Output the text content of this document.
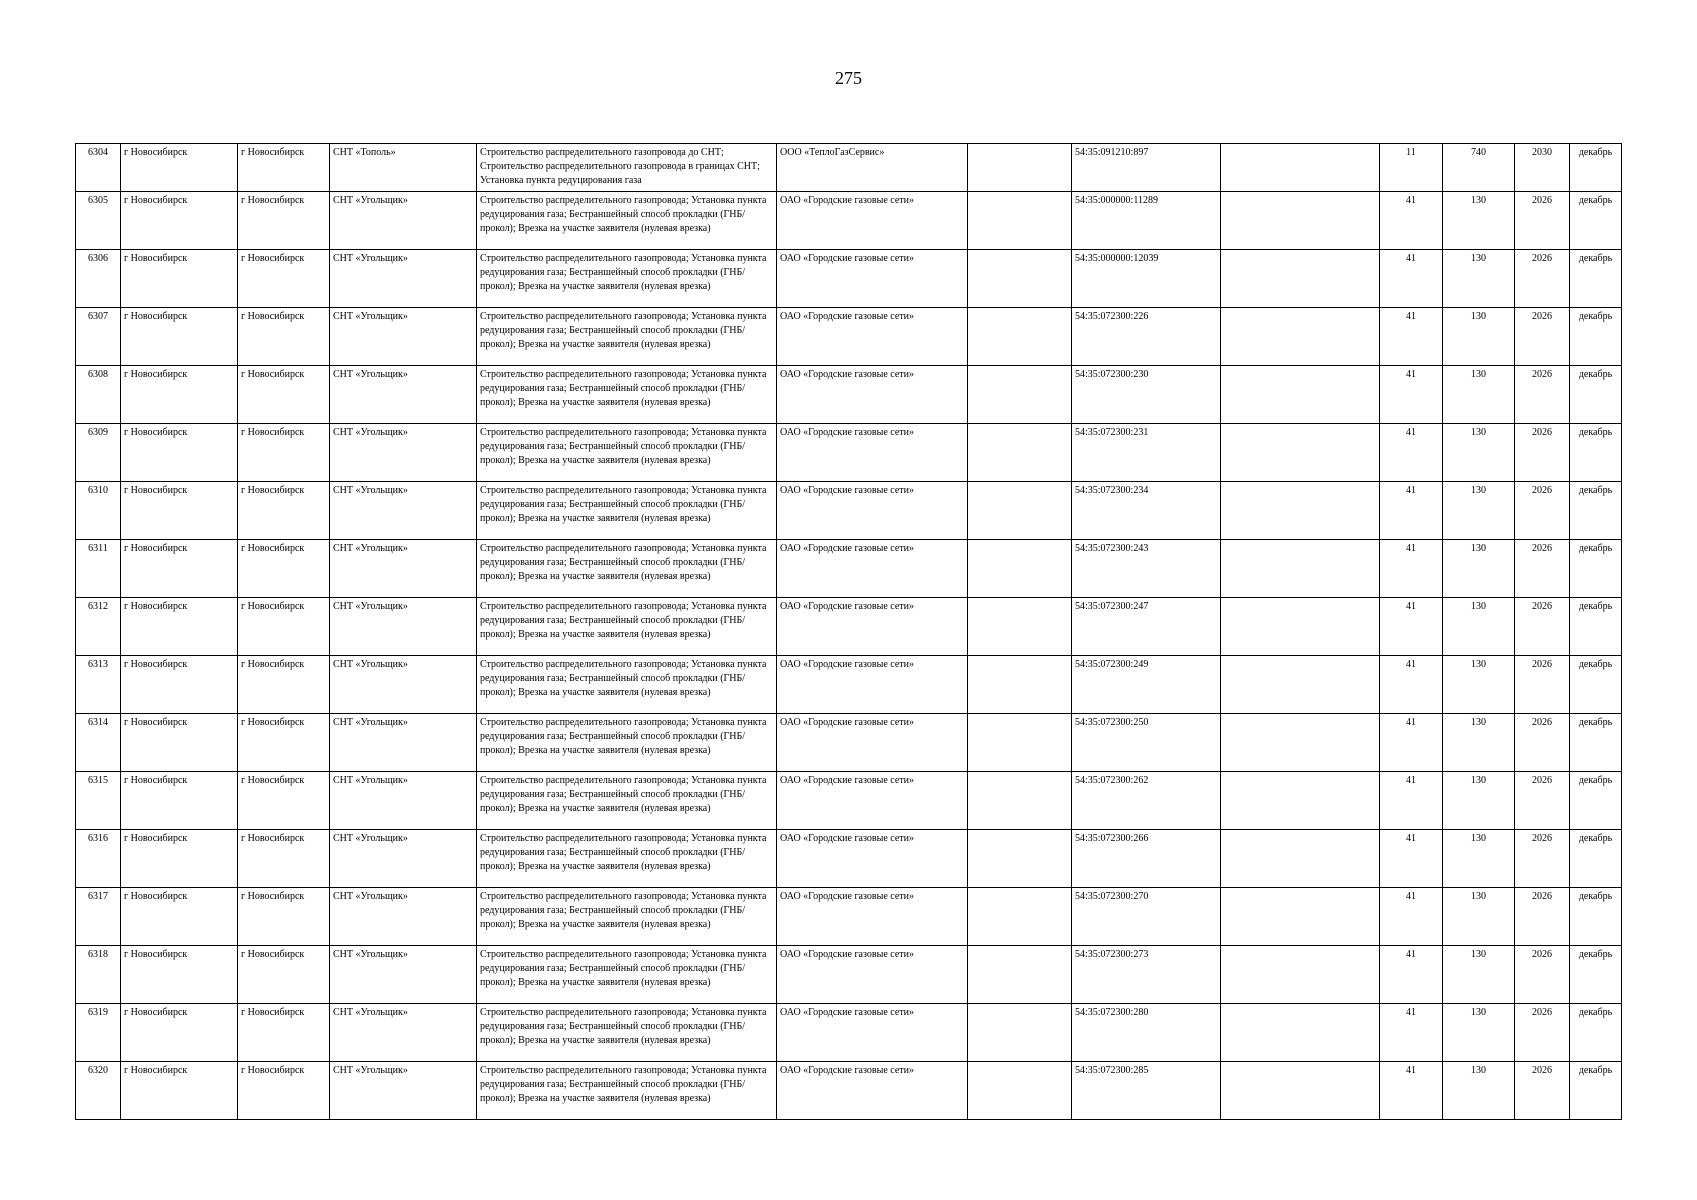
275
6304	г Новосибирск	г Новосибирск	СНТ «Тополь»	Строительство распределительного газопровода до СНТ; Строительство распределительного газопровода в границах СНТ; Установка пункта редуцирования газа	ООО «ТеплоГазСервис»		54:35:091210:897		11	740	2030	декабрь
6305	г Новосибирск	г Новосибирск	СНТ «Угольщик»	Строительство распределительного газопровода; Установка пункта редуцирования газа; Бестраншейный способ прокладки (ГНБ/прокол); Врезка на участке заявителя (нулевая врезка)	ОАО «Городские газовые сети»		54:35:000000:11289		41	130	2026	декабрь
6306	г Новосибирск	г Новосибирск	СНТ «Угольщик»	Строительство распределительного газопровода; Установка пункта редуцирования газа; Бестраншейный способ прокладки (ГНБ/прокол); Врезка на участке заявителя (нулевая врезка)	ОАО «Городские газовые сети»		54:35:000000:12039		41	130	2026	декабрь
6307	г Новосибирск	г Новосибирск	СНТ «Угольщик»	Строительство распределительного газопровода; Установка пункта редуцирования газа; Бестраншейный способ прокладки (ГНБ/прокол); Врезка на участке заявителя (нулевая врезка)	ОАО «Городские газовые сети»		54:35:072300:226		41	130	2026	декабрь
6308	г Новосибирск	г Новосибирск	СНТ «Угольщик»	Строительство распределительного газопровода; Установка пункта редуцирования газа; Бестраншейный способ прокладки (ГНБ/прокол); Врезка на участке заявителя (нулевая врезка)	ОАО «Городские газовые сети»		54:35:072300:230		41	130	2026	декабрь
6309	г Новосибирск	г Новосибирск	СНТ «Угольщик»	Строительство распределительного газопровода; Установка пункта редуцирования газа; Бестраншейный способ прокладки (ГНБ/прокол); Врезка на участке заявителя (нулевая врезка)	ОАО «Городские газовые сети»		54:35:072300:231		41	130	2026	декабрь
6310	г Новосибирск	г Новосибирск	СНТ «Угольщик»	Строительство распределительного газопровода; Установка пункта редуцирования газа; Бестраншейный способ прокладки (ГНБ/прокол); Врезка на участке заявителя (нулевая врезка)	ОАО «Городские газовые сети»		54:35:072300:234		41	130	2026	декабрь
6311	г Новосибирск	г Новосибирск	СНТ «Угольщик»	Строительство распределительного газопровода; Установка пункта редуцирования газа; Бестраншейный способ прокладки (ГНБ/прокол); Врезка на участке заявителя (нулевая врезка)	ОАО «Городские газовые сети»		54:35:072300:243		41	130	2026	декабрь
6312	г Новосибирск	г Новосибирск	СНТ «Угольщик»	Строительство распределительного газопровода; Установка пункта редуцирования газа; Бестраншейный способ прокладки (ГНБ/прокол); Врезка на участке заявителя (нулевая врезка)	ОАО «Городские газовые сети»		54:35:072300:247		41	130	2026	декабрь
6313	г Новосибирск	г Новосибирск	СНТ «Угольщик»	Строительство распределительного газопровода; Установка пункта редуцирования газа; Бестраншейный способ прокладки (ГНБ/прокол); Врезка на участке заявителя (нулевая врезка)	ОАО «Городские газовые сети»		54:35:072300:249		41	130	2026	декабрь
6314	г Новосибирск	г Новосибирск	СНТ «Угольщик»	Строительство распределительного газопровода; Установка пункта редуцирования газа; Бестраншейный способ прокладки (ГНБ/прокол); Врезка на участке заявителя (нулевая врезка)	ОАО «Городские газовые сети»		54:35:072300:250		41	130	2026	декабрь
6315	г Новосибирск	г Новосибирск	СНТ «Угольщик»	Строительство распределительного газопровода; Установка пункта редуцирования газа; Бестраншейный способ прокладки (ГНБ/прокол); Врезка на участке заявителя (нулевая врезка)	ОАО «Городские газовые сети»		54:35:072300:262		41	130	2026	декабрь
6316	г Новосибирск	г Новосибирск	СНТ «Угольщик»	Строительство распределительного газопровода; Установка пункта редуцирования газа; Бестраншейный способ прокладки (ГНБ/прокол); Врезка на участке заявителя (нулевая врезка)	ОАО «Городские газовые сети»		54:35:072300:266		41	130	2026	декабрь
6317	г Новосибирск	г Новосибирск	СНТ «Угольщик»	Строительство распределительного газопровода; Установка пункта редуцирования газа; Бестраншейный способ прокладки (ГНБ/прокол); Врезка на участке заявителя (нулевая врезка)	ОАО «Городские газовые сети»		54:35:072300:270		41	130	2026	декабрь
6318	г Новосибирск	г Новосибирск	СНТ «Угольщик»	Строительство распределительного газопровода; Установка пункта редуцирования газа; Бестраншейный способ прокладки (ГНБ/прокол); Врезка на участке заявителя (нулевая врезка)	ОАО «Городские газовые сети»		54:35:072300:273		41	130	2026	декабрь
6319	г Новосибирск	г Новосибирск	СНТ «Угольщик»	Строительство распределительного газопровода; Установка пункта редуцирования газа; Бестраншейный способ прокладки (ГНБ/прокол); Врезка на участке заявителя (нулевая врезка)	ОАО «Городские газовые сети»		54:35:072300:280		41	130	2026	декабрь
6320	г Новосибирск	г Новосибирск	СНТ «Угольщик»	Строительство распределительного газопровода; Установка пункта редуцирования газа; Бестраншейный способ прокладки (ГНБ/прокол); Врезка на участке заявителя (нулевая врезка)	ОАО «Городские газовые сети»		54:35:072300:285		41	130	2026	декабрь
